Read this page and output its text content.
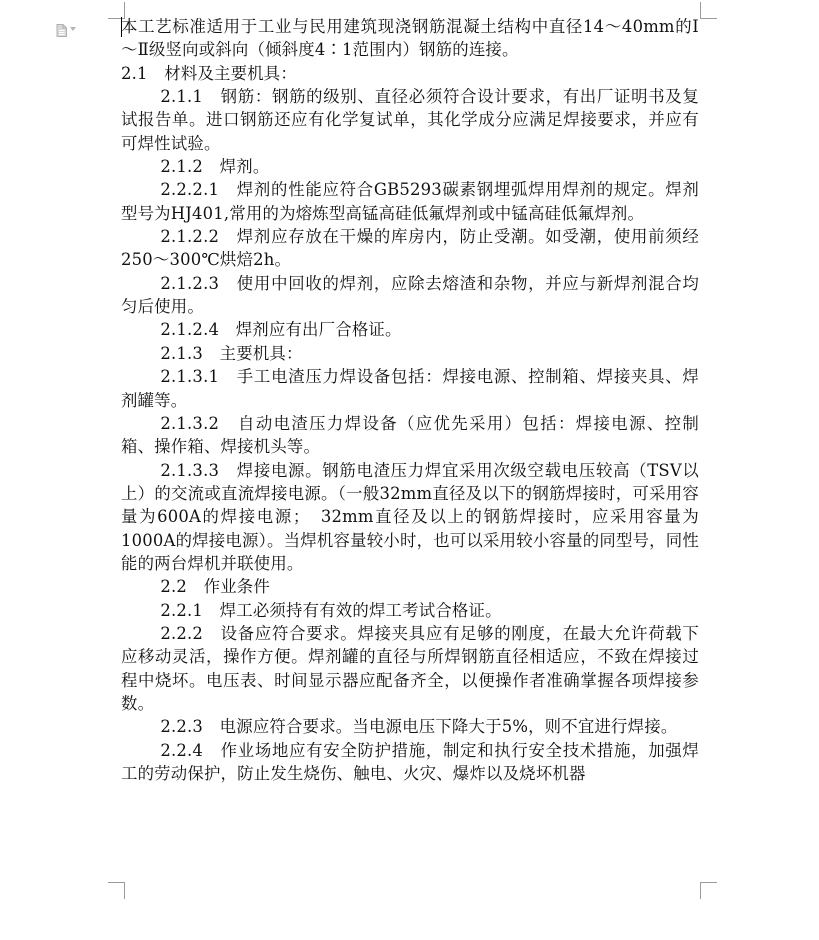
本工艺标准适用于工业与民用建筑现浇钢筋混凝土结构中直径14～40mm的Ⅰ～Ⅱ级竖向或斜向（倾斜度4∶1范围内）钢筋的连接。

2.1　材料及主要机具：

2.1.1　钢筋：钢筋的级别、直径必须符合设计要求，有出厂证明书及复试报告单。进口钢筋还应有化学复试单，其化学成分应满足焊接要求，并应有可焊性试验。

2.1.2　焊剂。

2.2.2.1　焊剂的性能应符合GB5293碳素钢埋弧焊用焊剂的规定。焊剂型号为HJ401,常用的为熔炼型高锰高硅低氟焊剂或中锰高硅低氟焊剂。

2.1.2.2　焊剂应存放在干燥的库房内，防止受潮。如受潮，使用前须经250～300℃烘焙2h。

2.1.2.3　使用中回收的焊剂，应除去熔渣和杂物，并应与新焊剂混合均匀后使用。

2.1.2.4　焊剂应有出厂合格证。

2.1.3　主要机具：

2.1.3.1　手工电渣压力焊设备包括：焊接电源、控制箱、焊接夹具、焊剂罐等。

2.1.3.2　自动电渣压力焊设备（应优先采用）包括：焊接电源、控制箱、操作箱、焊接机头等。

2.1.3.3　焊接电源。钢筋电渣压力焊宜采用次级空载电压较高（TSV以上）的交流或直流焊接电源。（一般32mm直径及以下的钢筋焊接时，可采用容量为600A的焊接电源；　32mm直径及以上的钢筋焊接时，应采用容量为1000A的焊接电源）。当焊机容量较小时，也可以采用较小容量的同型号，同性能的两台焊机并联使用。

2.2　作业条件

2.2.1　焊工必须持有有效的焊工考试合格证。

2.2.2　设备应符合要求。焊接夹具应有足够的刚度，在最大允许荷载下应移动灵活，操作方便。焊剂罐的直径与所焊钢筋直径相适应，不致在焊接过程中烧坏。电压表、时间显示器应配备齐全，以便操作者准确掌握各项焊接参数。

2.2.3　电源应符合要求。当电源电压下降大于5%，则不宜进行焊接。

2.2.4　作业场地应有安全防护措施，制定和执行安全技术措施，加强焊工的劳动保护，防止发生烧伤、触电、火灾、爆炸以及烧坏机器
